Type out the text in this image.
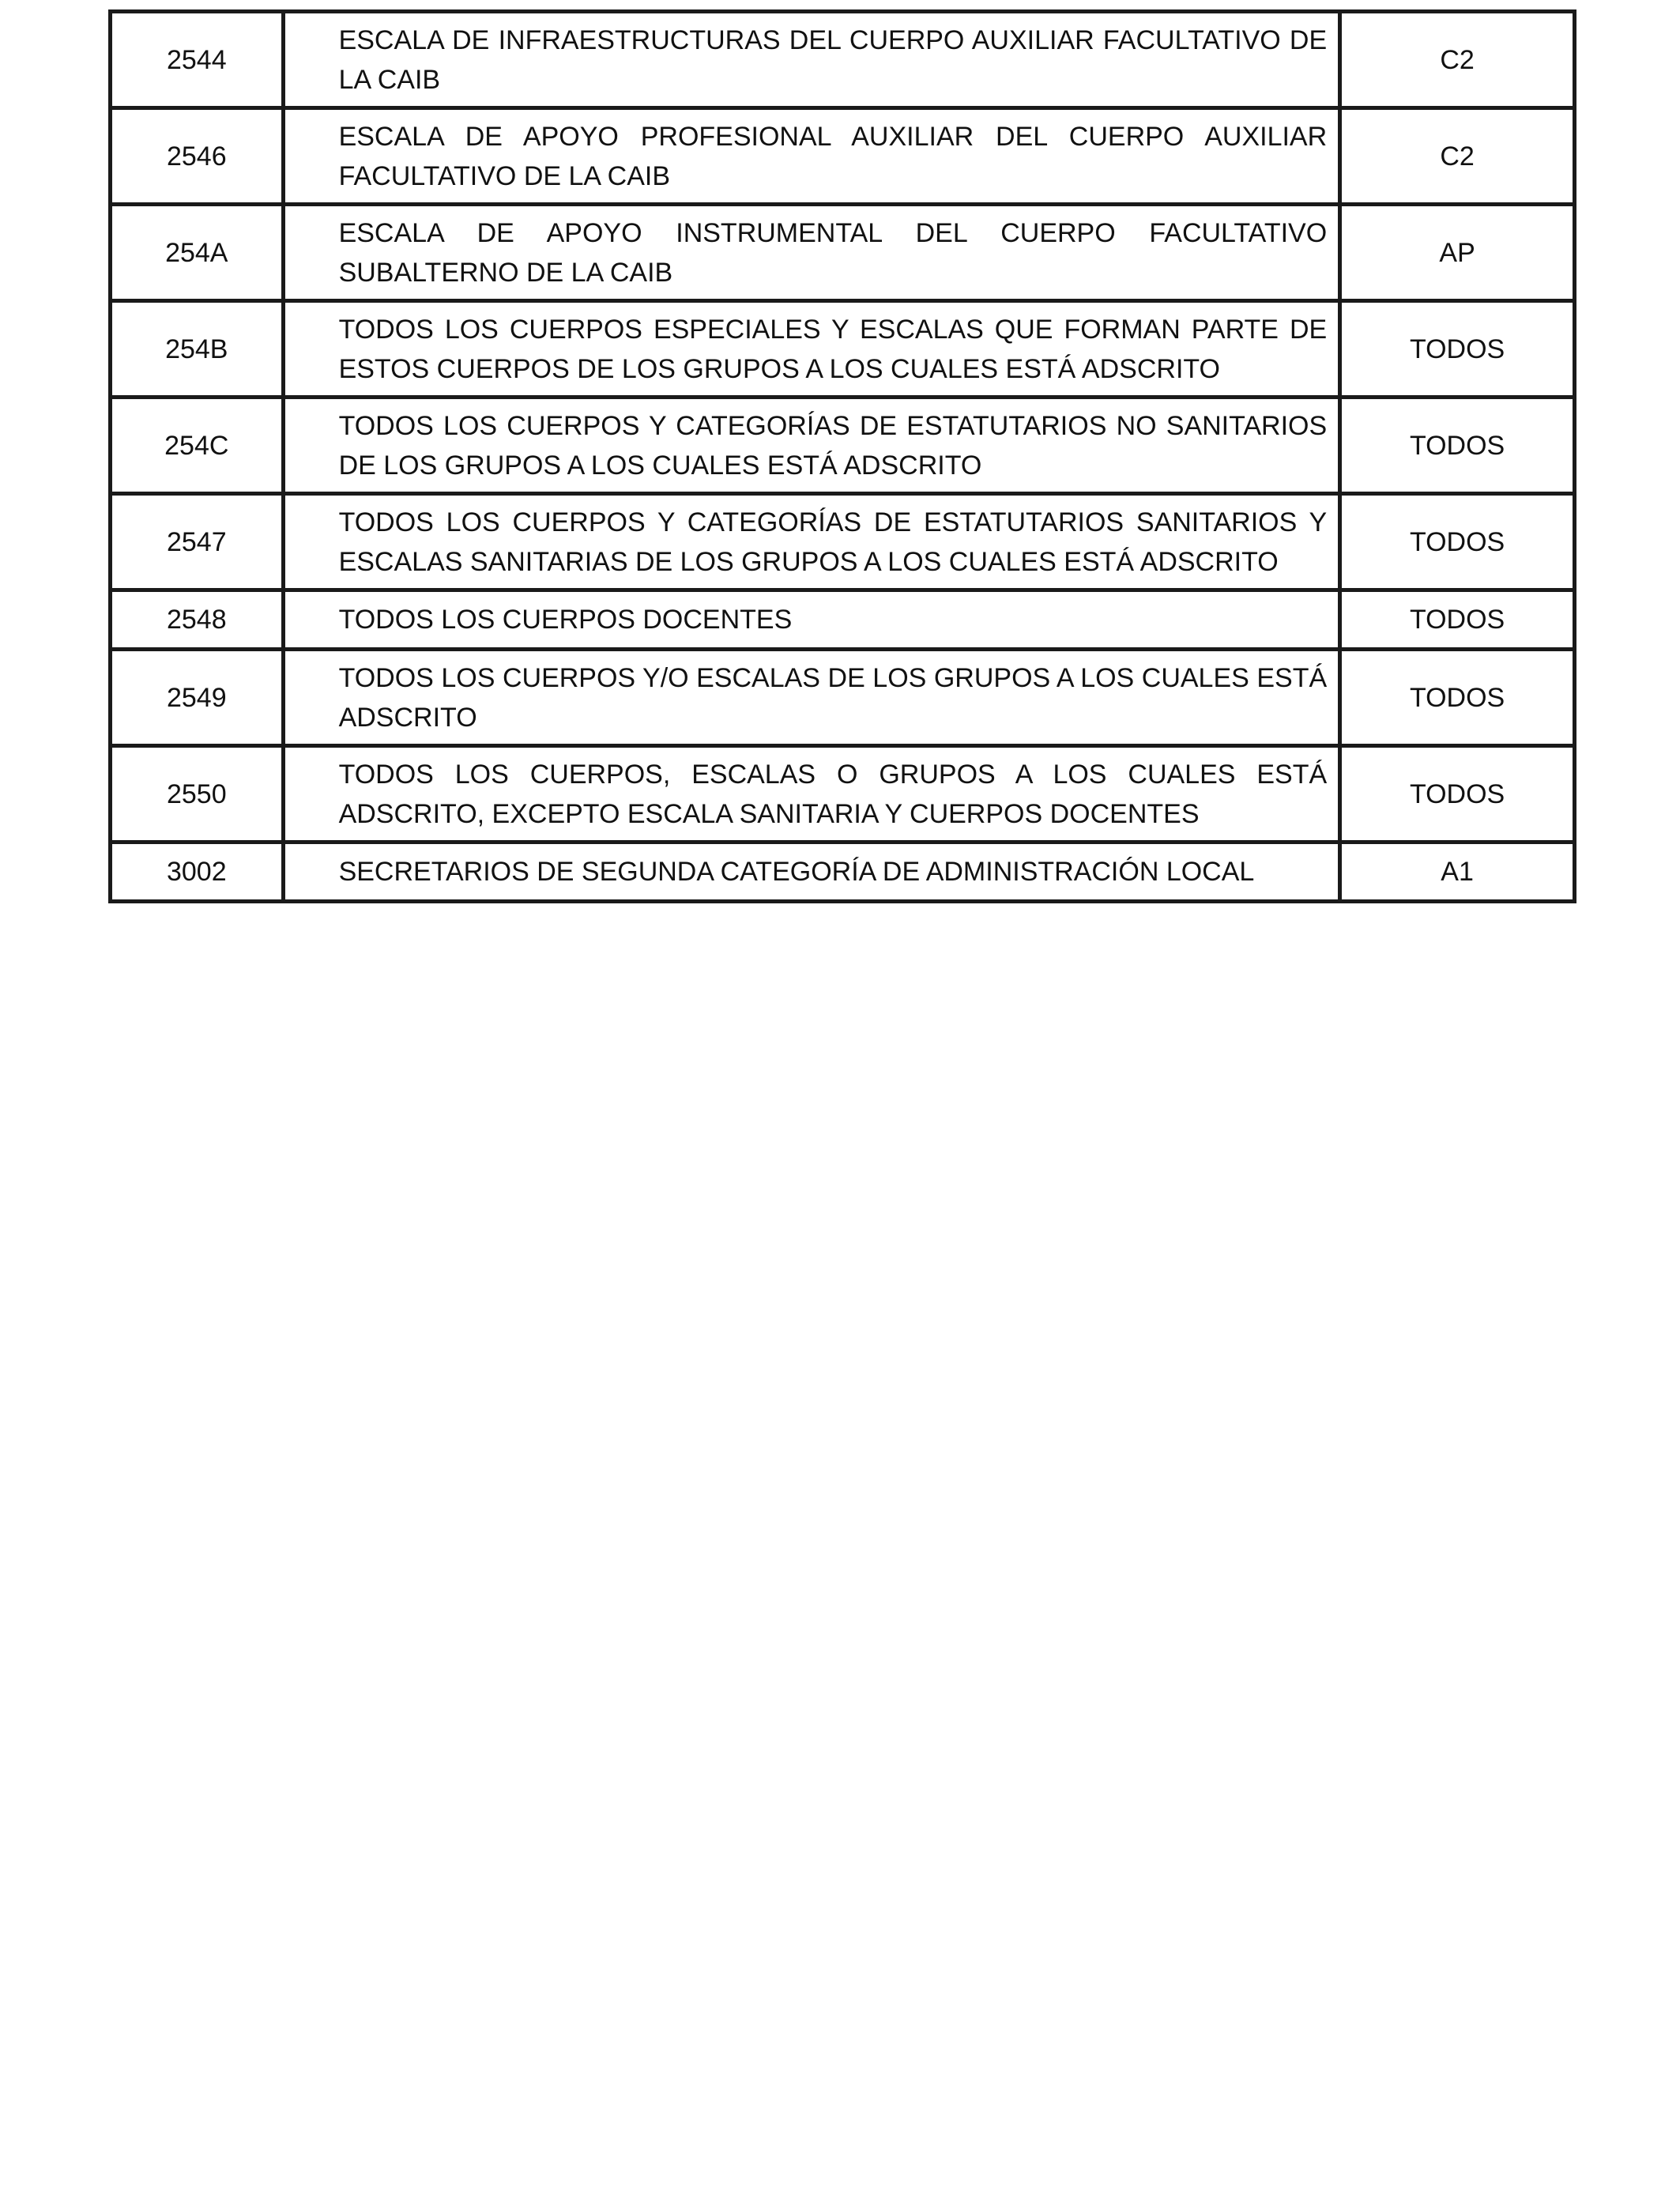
2544	ESCALA DE INFRAESTRUCTURAS DEL CUERPO AUXILIAR FACULTATIVO DE LA CAIB	C2
2546	ESCALA DE APOYO PROFESIONAL AUXILIAR DEL CUERPO AUXILIAR FACULTATIVO DE LA CAIB	C2
254A	ESCALA DE APOYO INSTRUMENTAL DEL CUERPO FACULTATIVO SUBALTERNO DE LA CAIB	AP
254B	TODOS LOS CUERPOS ESPECIALES Y ESCALAS QUE FORMAN PARTE DE ESTOS CUERPOS DE LOS GRUPOS A LOS CUALES ESTÁ ADSCRITO	TODOS
254C	TODOS LOS CUERPOS Y CATEGORÍAS DE ESTATUTARIOS NO SANITARIOS DE LOS GRUPOS A LOS CUALES ESTÁ ADSCRITO	TODOS
2547	TODOS LOS CUERPOS Y CATEGORÍAS DE ESTATUTARIOS SANITARIOS Y ESCALAS SANITARIAS DE LOS GRUPOS A LOS CUALES ESTÁ ADSCRITO	TODOS
2548	TODOS LOS CUERPOS DOCENTES	TODOS
2549	TODOS LOS CUERPOS Y/O ESCALAS DE LOS GRUPOS A LOS CUALES ESTÁ ADSCRITO	TODOS
2550	TODOS LOS CUERPOS, ESCALAS O GRUPOS A LOS CUALES ESTÁ ADSCRITO, EXCEPTO ESCALA SANITARIA Y CUERPOS DOCENTES	TODOS
3002	SECRETARIOS DE SEGUNDA CATEGORÍA DE ADMINISTRACIÓN LOCAL	A1
